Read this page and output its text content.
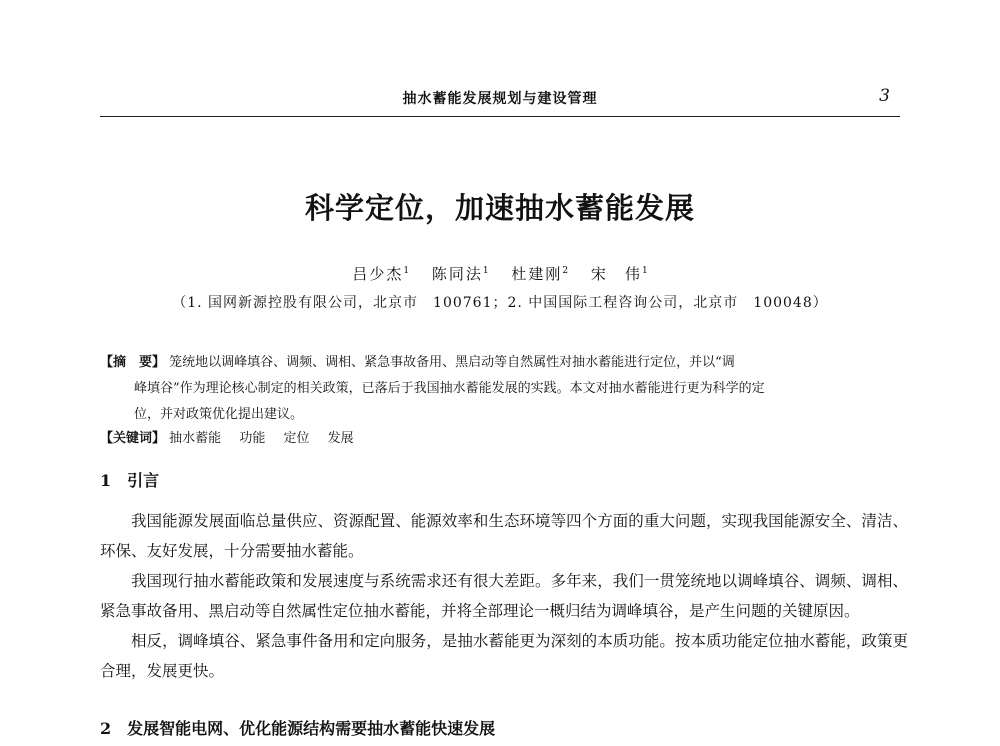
抽水蓄能发展规划与建设管理	3
科学定位，加速抽水蓄能发展
吕少杰$^1$ 陈同法$^1$ 杜建刚$^2$ 宋　伟$^1$
（1. 国网新源控股有限公司，北京市　100761；2. 中国国际工程咨询公司，北京市　100048）

【摘　要】 笼统地以调峰填谷、调频、调相、紧急事故备用、黑启动等自然属性对抽水蓄能进行定位，并以“调

峰填谷”作为理论核心制定的相关政策，已落后于我国抽水蓄能发展的实践。本文对抽水蓄能进行更为科学的定

位，并对政策优化提出建议。

【关键词】 抽水蓄能 功能 定位 发展
1 引言

我国能源发展面临总量供应、资源配置、能源效率和生态环境等四个方面的重大问题，实现我国能源安全、清洁、环保、友好发展，十分需要抽水蓄能。

我国现行抽水蓄能政策和发展速度与系统需求还有很大差距。多年来，我们一贯笼统地以调峰填谷、调频、调相、紧急事故备用、黑启动等自然属性定位抽水蓄能，并将全部理论一概归结为调峰填谷，是产生问题的关键原因。

相反，调峰填谷、紧急事件备用和定向服务，是抽水蓄能更为深刻的本质功能。按本质功能定位抽水蓄能，政策更合理，发展更快。

2 发展智能电网、优化能源结构需要抽水蓄能快速发展
